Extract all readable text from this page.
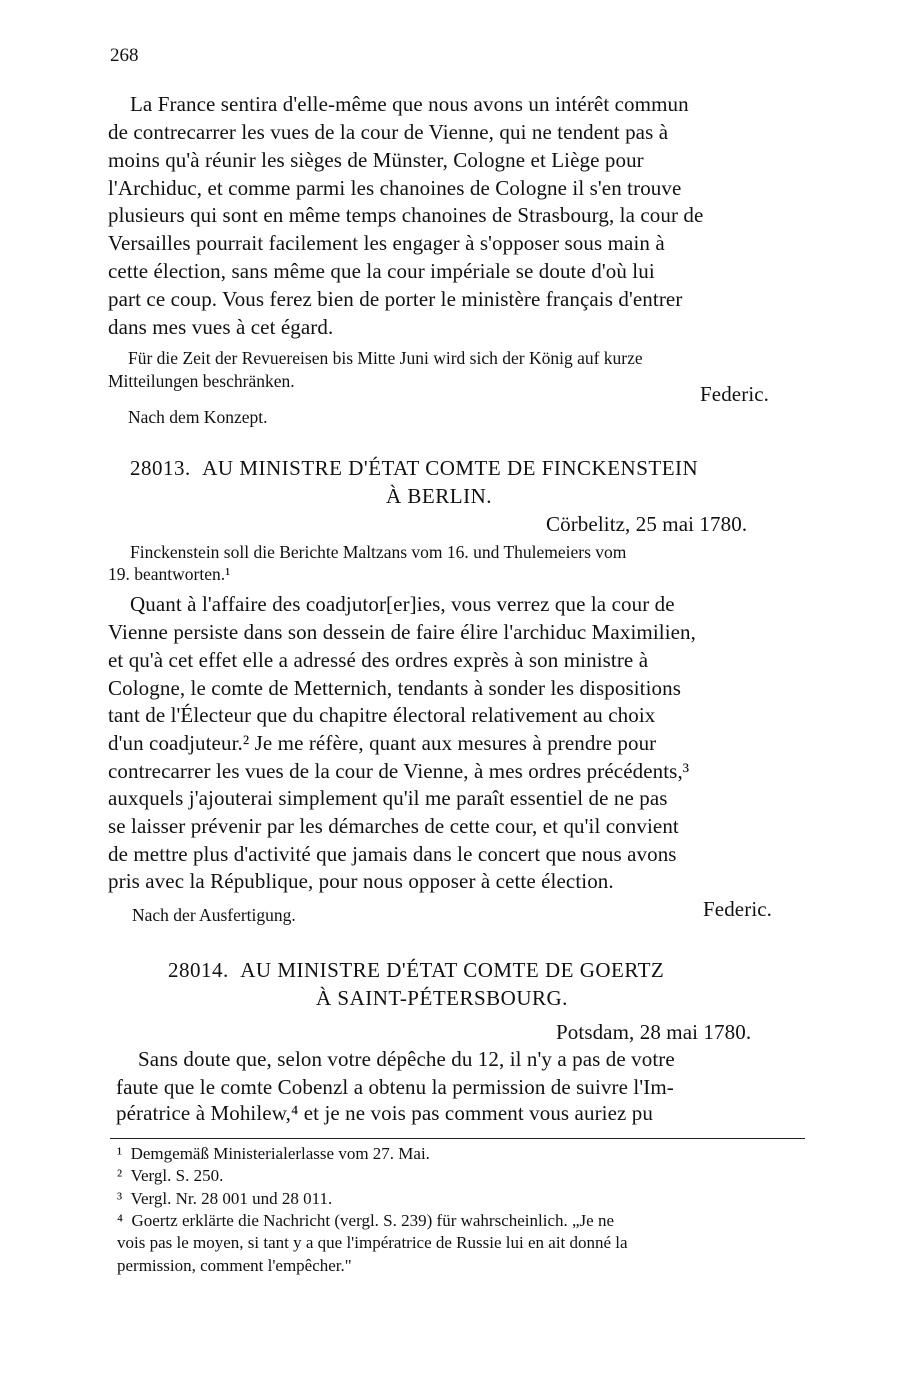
268
La France sentira d'elle-même que nous avons un intérêt commun
de contrecarrer les vues de la cour de Vienne, qui ne tendent pas à
moins qu'à réunir les sièges de Münster, Cologne et Liège pour
l'Archiduc, et comme parmi les chanoines de Cologne il s'en trouve
plusieurs qui sont en même temps chanoines de Strasbourg, la cour de
Versailles pourrait facilement les engager à s'opposer sous main à
cette élection, sans même que la cour impériale se doute d'où lui
part ce coup. Vous ferez bien de porter le ministère français d'entrer
dans mes vues à cet égard.
Für die Zeit der Revuereisen bis Mitte Juni wird sich der König auf kurze
Mitteilungen beschränken.
Federic.
Nach dem Konzept.
28013. AU MINISTRE D'ÉTAT COMTE DE FINCKENSTEIN
À BERLIN.
Cörbelitz, 25 mai 1780.
Finckenstein soll die Berichte Maltzans vom 16. und Thulemeiers vom
19. beantworten.¹
Quant à l'affaire des coadjutor[er]ies, vous verrez que la cour de
Vienne persiste dans son dessein de faire élire l'archiduc Maximilien,
et qu'à cet effet elle a adressé des ordres exprès à son ministre à
Cologne, le comte de Metternich, tendants à sonder les dispositions
tant de l'Électeur que du chapitre électoral relativement au choix
d'un coadjuteur.² Je me réfère, quant aux mesures à prendre pour
contrecarrer les vues de la cour de Vienne, à mes ordres précédents,³
auxquels j'ajouterai simplement qu'il me paraît essentiel de ne pas
se laisser prévenir par les démarches de cette cour, et qu'il convient
de mettre plus d'activité que jamais dans le concert que nous avons
pris avec la République, pour nous opposer à cette élection.
Nach der Ausfertigung.	Federic.
28014. AU MINISTRE D'ÉTAT COMTE DE GOERTZ
À SAINT-PÉTERSBOURG.
Potsdam, 28 mai 1780.
Sans doute que, selon votre dépêche du 12, il n'y a pas de votre
faute que le comte Cobenzl a obtenu la permission de suivre l'Im-
pératrice à Mohilew,⁴ et je ne vois pas comment vous auriez pu
¹ Demgemäß Ministerialerlasse vom 27. Mai.
² Vergl. S. 250.
³ Vergl. Nr. 28 001 und 28 011.
⁴ Goertz erklärte die Nachricht (vergl. S. 239) für wahrscheinlich. „Je ne
vois pas le moyen, si tant y a que l'impératrice de Russie lui en ait donné la
permission, comment l'empêcher."
